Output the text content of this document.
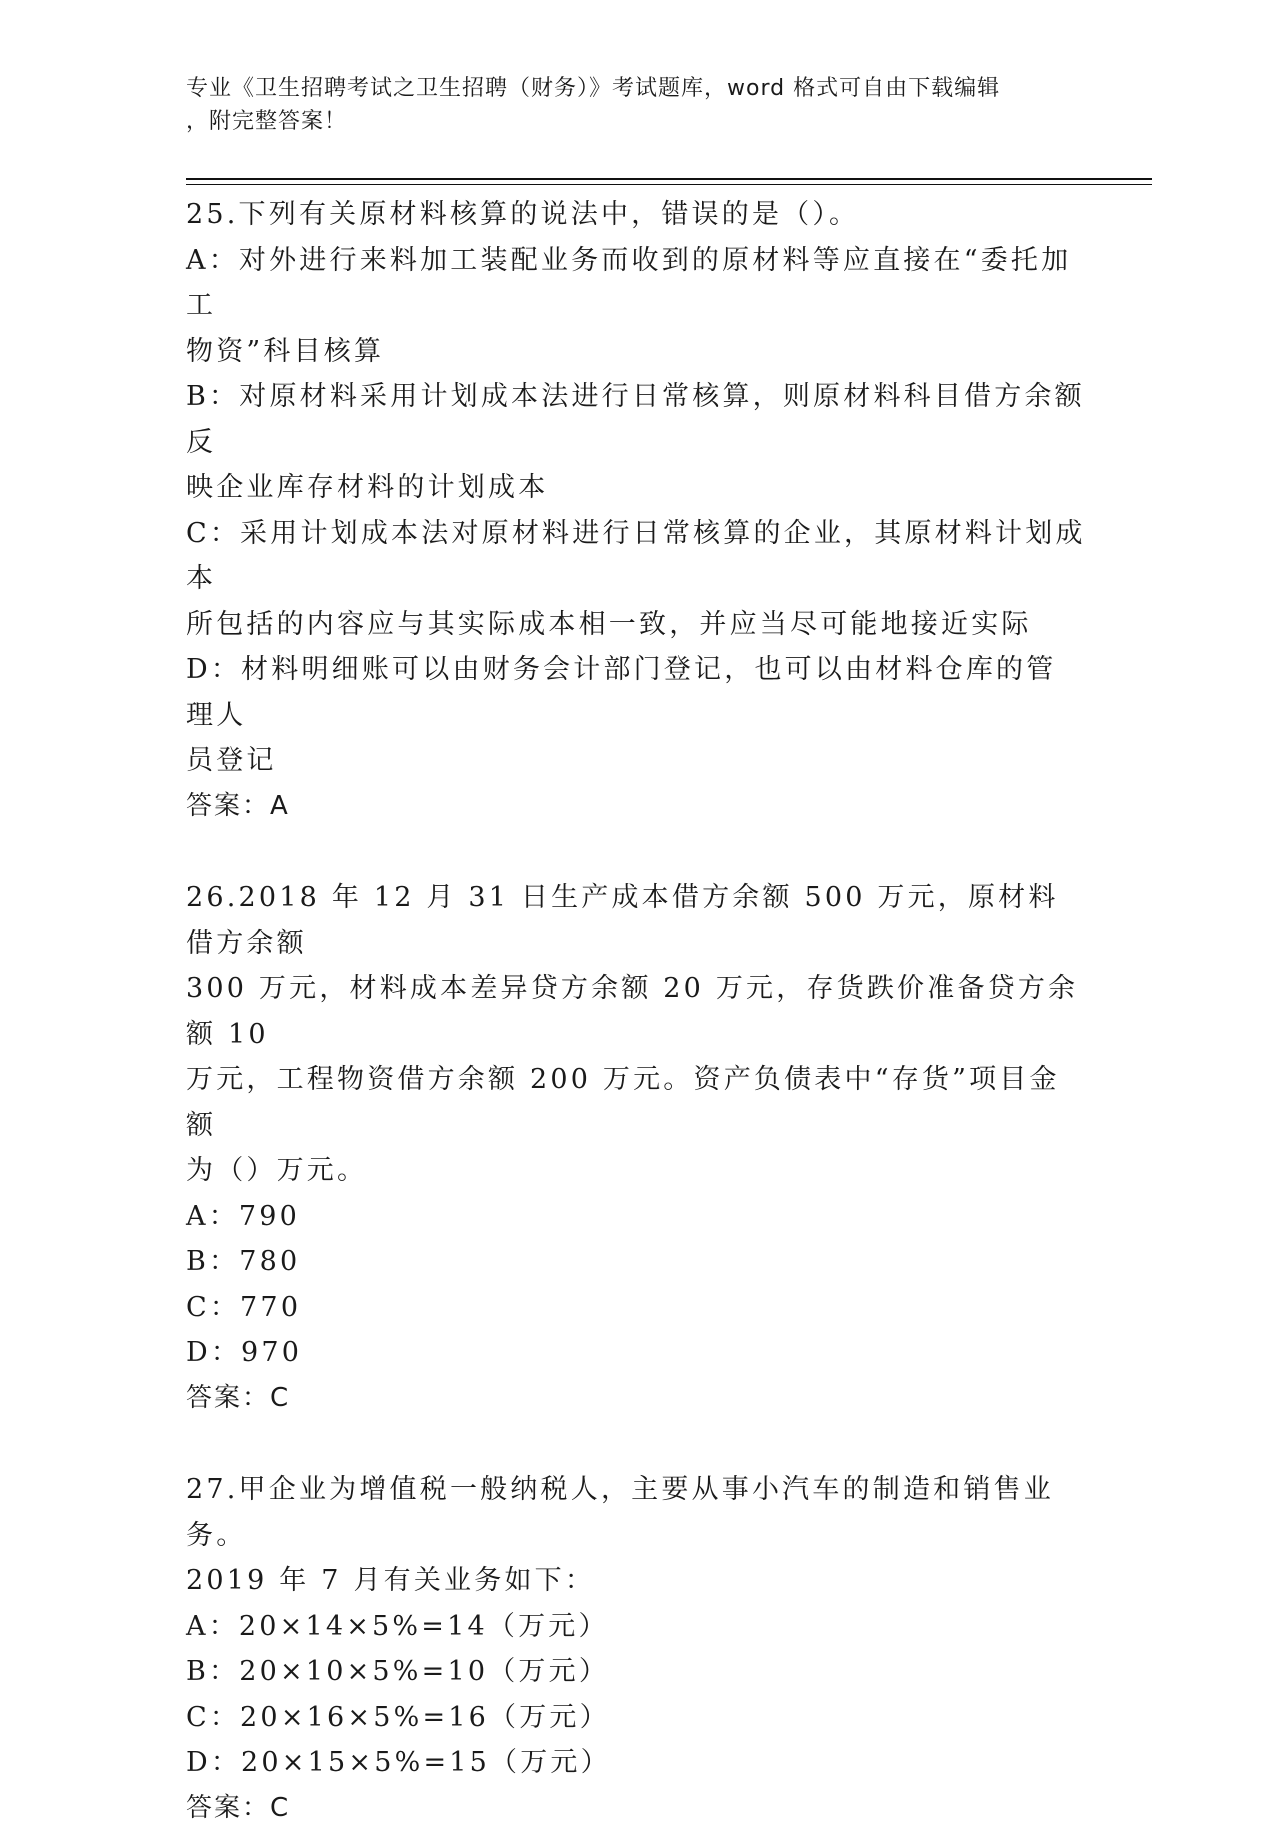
专业《卫生招聘考试之卫生招聘（财务）》考试题库，word 格式可自由下载编辑
，附完整答案！
25.下列有关原材料核算的说法中，错误的是（）。
A：对外进行来料加工装配业务而收到的原材料等应直接在“委托加工
物资”科目核算
B：对原材料采用计划成本法进行日常核算，则原材料科目借方余额反
映企业库存材料的计划成本
C：采用计划成本法对原材料进行日常核算的企业，其原材料计划成本
所包括的内容应与其实际成本相一致，并应当尽可能地接近实际
D：材料明细账可以由财务会计部门登记，也可以由材料仓库的管理人
员登记
答案：A
26.2018 年 12 月 31 日生产成本借方余额 500 万元，原材料借方余额
300 万元，材料成本差异贷方余额 20 万元，存货跌价准备贷方余额 10
万元，工程物资借方余额 200 万元。资产负债表中“存货”项目金额
为（）万元。
A：790
B：780
C：770
D：970
答案：C
27.甲企业为增值税一般纳税人，主要从事小汽车的制造和销售业务。
2019 年 7 月有关业务如下：
A：20×14×5%=14（万元）
B：20×10×5%=10（万元）
C：20×16×5%=16（万元）
D：20×15×5%=15（万元）
答案：C
